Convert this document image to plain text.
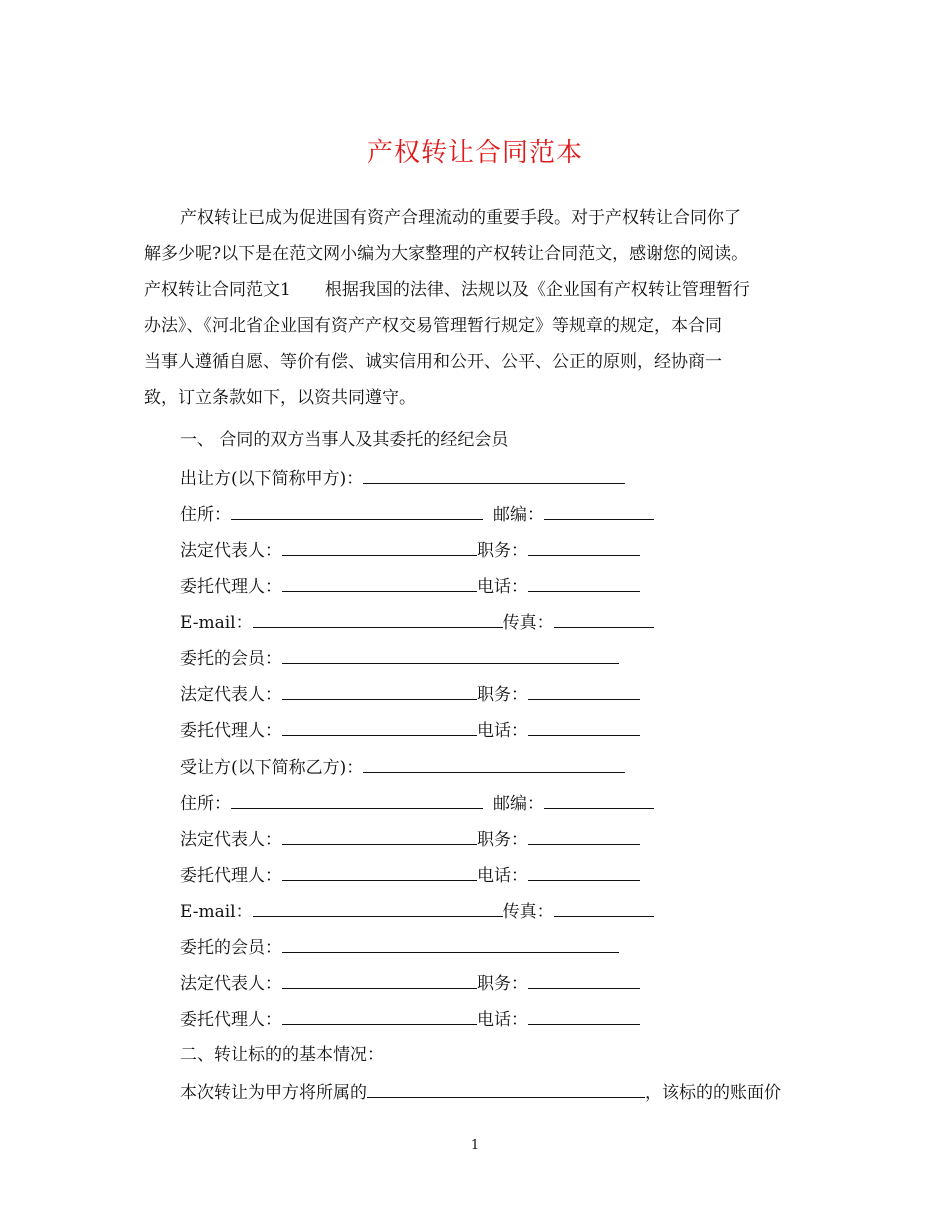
产权转让合同范本
产权转让已成为促进国有资产合理流动的重要手段。对于产权转让合同你了
解多少呢?以下是在范文网小编为大家整理的产权转让合同范文，感谢您的阅读。
产权转让合同范文1　　根据我国的法律、法规以及《企业国有产权转让管理暂行
办法》、《河北省企业国有资产产权交易管理暂行规定》等规章的规定，本合同
当事人遵循自愿、等价有偿、诚实信用和公开、公平、公正的原则，经协商一
致，订立条款如下，以资共同遵守。
一、 合同的双方当事人及其委托的经纪会员
出让方(以下简称甲方)：
住所：	邮编：
法定代表人：	职务：
委托代理人：	电话：
E-mail：	传真：
委托的会员：
法定代表人：	职务：
委托代理人：	电话：
受让方(以下简称乙方)：
住所：	邮编：
法定代表人：	职务：
委托代理人：	电话：
E-mail：	传真：
委托的会员：
法定代表人：	职务：
委托代理人：	电话：
二、转让标的的基本情况：
本次转让为甲方将所属的	，该标的的账面价
1
